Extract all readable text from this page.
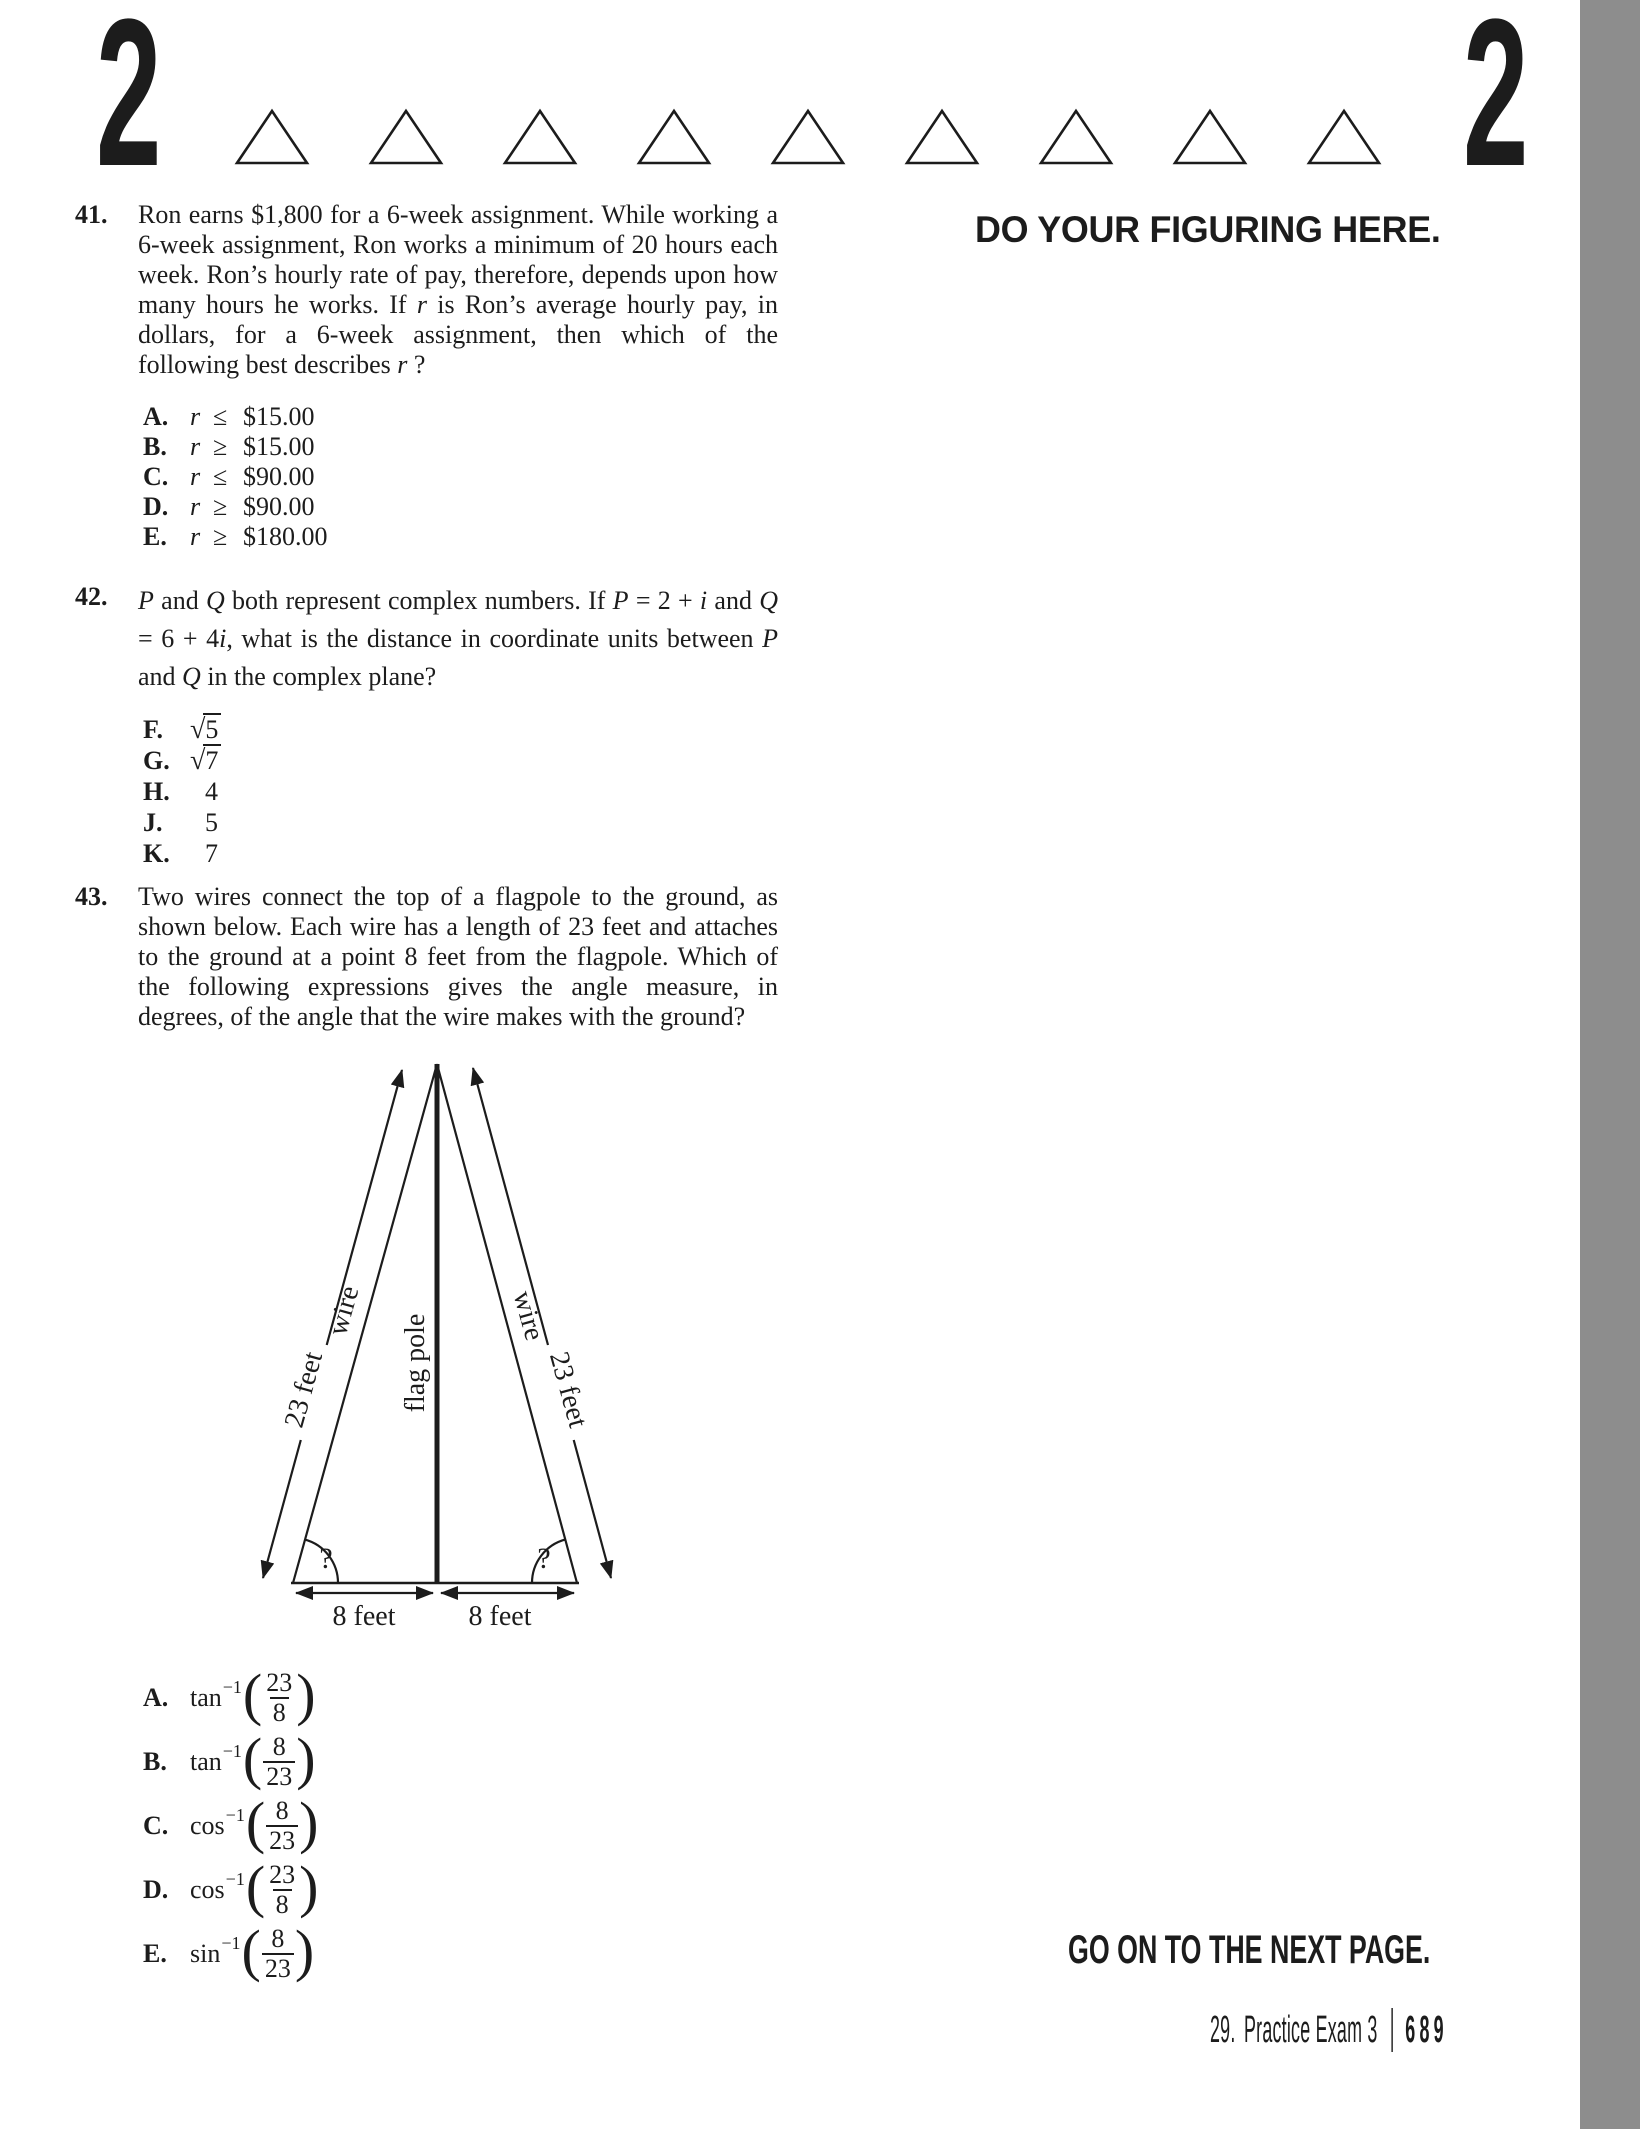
2	2
DO YOUR FIGURING HERE.
41. Ron earns $1,800 for a 6-week assignment. While working a 6-week assignment, Ron works a minimum of 20 hours each week. Ron’s hourly rate of pay, therefore, depends upon how many hours he works. If r is Ron’s average hourly pay, in dollars, for a 6-week assignment, then which of the following best describes r ?
A. r ≤ $15.00
B. r ≥ $15.00
C. r ≤ $90.00
D. r ≥ $90.00
E. r ≥ $180.00
42. P and Q both represent complex numbers. If P = 2 + i and Q = 6 + 4i, what is the distance in coordinate units between P and Q in the complex plane?
F. √5
G. √7
H. 4
J. 5
K. 7
43. Two wires connect the top of a flagpole to the ground, as shown below. Each wire has a length of 23 feet and attaches to the ground at a point 8 feet from the flagpole. Which of the following expressions gives the angle measure, in degrees, of the angle that the wire makes with the ground?
wire	wire
flag pole
23 feet	23 feet
?	?
8 feet	8 feet
A. tan −1 ( $\frac{23}{8}$ )
B. tan −1 ( $\frac{8}{23}$ )
C. cos −1 ( $\frac{8}{23}$ )
D. cos −1 ( $\frac{23}{8}$ )
E. sin −1 ( $\frac{8}{23}$ )	GO ON TO THE NEXT PAGE.
29. Practice Exam 3 689
